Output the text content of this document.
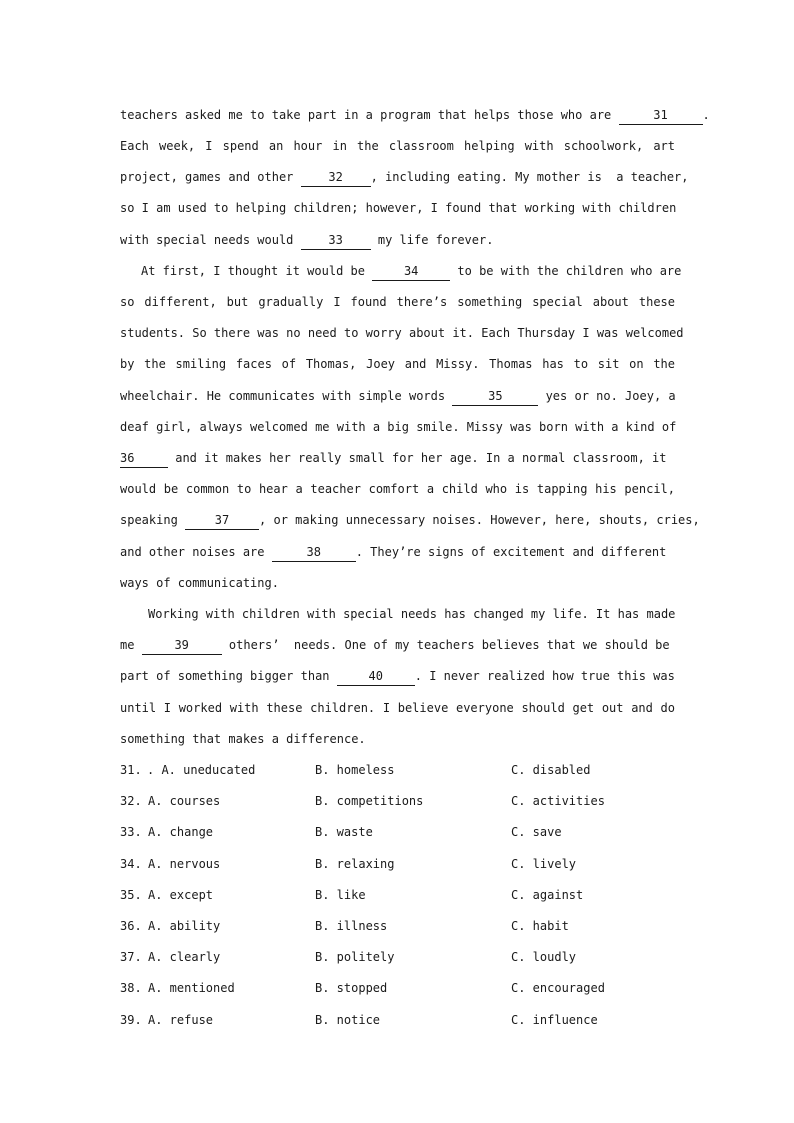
teachers asked me to take part in a program that helps those who are	31	.
Each week, I spend an hour in the classroom helping with schoolwork, art
project, games and other 32 , including eating. My mother is  a teacher,
so I am used to helping children; however, I found that working with children
with special needs would 33 my life forever.
At first, I thought it would be	34	to be with the children who are
so different, but gradually I found there’s something special about these
students. So there was no need to worry about it. Each Thursday I was welcomed
by the smiling faces of Thomas, Joey and Missy. Thomas has to sit on the
wheelchair. He communicates with simple words	35	yes or no. Joey, a
deaf girl, always welcomed me with a big smile. Missy was born with a kind of
36	and it makes her really small for her age. In a normal classroom, it
would be common to hear a teacher comfort a child who is tapping his pencil,
speaking 37 , or making unnecessary noises. However, here, shouts, cries,
and other noises are	38	. They’re signs of excitement and different
ways of communicating.
Working with children with special needs has changed my life. It has made
me	39	others’  needs. One of my teachers believes that we should be
part of something bigger than	40	. I never realized how true this was
until I worked with these children. I believe everyone should get out and do
something that makes a difference.
31. . A. uneducated	B. homeless	C. disabled
32. A. courses	B. competitions	C. activities
33. A. change	B. waste	C. save
34. A. nervous	B. relaxing	C. lively
35. A. except	B. like	C. against
36. A. ability	B. illness	C. habit
37. A. clearly	B. politely	C. loudly
38. A. mentioned	B. stopped	C. encouraged
39. A. refuse	B. notice	C. influence
